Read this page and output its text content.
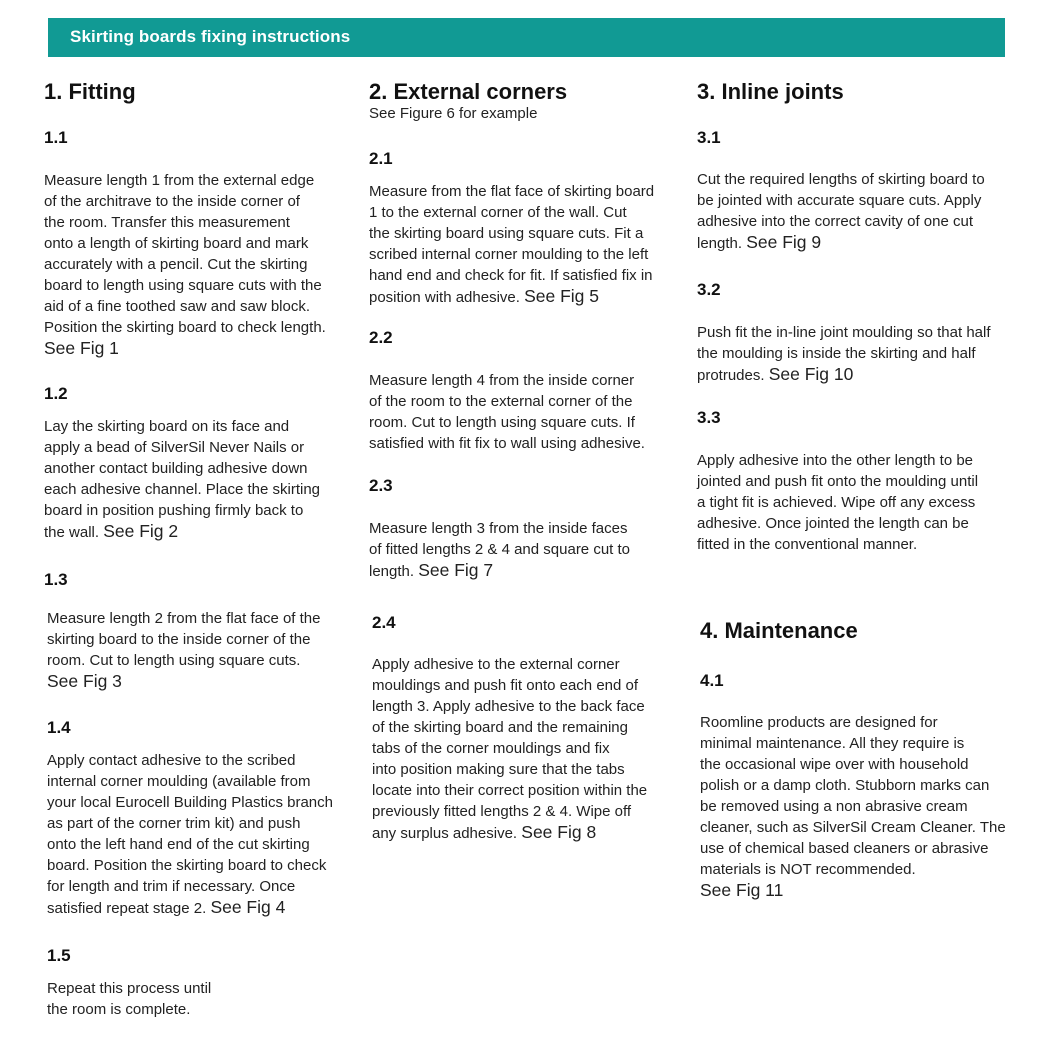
Skirting boards fixing instructions
1. Fitting
1.1
Measure length 1 from the external edge
of the architrave to the inside corner of
the room. Transfer this measurement
onto a length of skirting board and mark
accurately with a pencil. Cut the skirting
board to length using square cuts with the
aid of a fine toothed saw and saw block.
Position the skirting board to check length.
See Fig 1
1.2
Lay the skirting board on its face and
apply a bead of SilverSil Never Nails or
another contact building adhesive down
each adhesive channel. Place the skirting
board in position pushing firmly back to
the wall. See Fig 2
1.3
Measure length 2 from the flat face of the
skirting board to the inside corner of the
room. Cut to length using square cuts.
See Fig 3
1.4
Apply contact adhesive to the scribed
internal corner moulding (available from
your local Eurocell Building Plastics branch
as part of the corner trim kit) and push
onto the left hand end of the cut skirting
board. Position the skirting board to check
for length and trim if necessary. Once
satisfied repeat stage 2. See Fig 4
1.5
Repeat this process until
the room is complete.
2. External corners
See Figure 6 for example
2.1
Measure from the flat face of skirting board
1 to the external corner of the wall. Cut
the skirting board using square cuts. Fit a
scribed internal corner moulding to the left
hand end and check for fit. If satisfied fix in
position with adhesive. See Fig 5
2.2
Measure length 4 from the inside corner
of the room to the external corner of the
room. Cut to length using square cuts. If
satisfied with fit fix to wall using adhesive.
2.3
Measure length 3 from the inside faces
of fitted lengths 2 & 4 and square cut to
length. See Fig 7
2.4
Apply adhesive to the external corner
mouldings and push fit onto each end of
length 3. Apply adhesive to the back face
of the skirting board and the remaining
tabs of the corner mouldings and fix
into position making sure that the tabs
locate into their correct position within the
previously fitted lengths 2 & 4. Wipe off
any surplus adhesive. See Fig 8
3. Inline joints
3.1
Cut the required lengths of skirting board to
be jointed with accurate square cuts. Apply
adhesive into the correct cavity of one cut
length. See Fig 9
3.2
Push fit the in-line joint moulding so that half
the moulding is inside the skirting and half
protrudes. See Fig 10
3.3
Apply adhesive into the other length to be
jointed and push fit onto the moulding until
a tight fit is achieved. Wipe off any excess
adhesive. Once jointed the length can be
fitted in the conventional manner.
4. Maintenance
4.1
Roomline products are designed for
minimal maintenance. All they require is
the occasional wipe over with household
polish or a damp cloth. Stubborn marks can
be removed using a non abrasive cream
cleaner, such as SilverSil Cream Cleaner. The
use of chemical based cleaners or abrasive
materials is NOT recommended.
See Fig 11
